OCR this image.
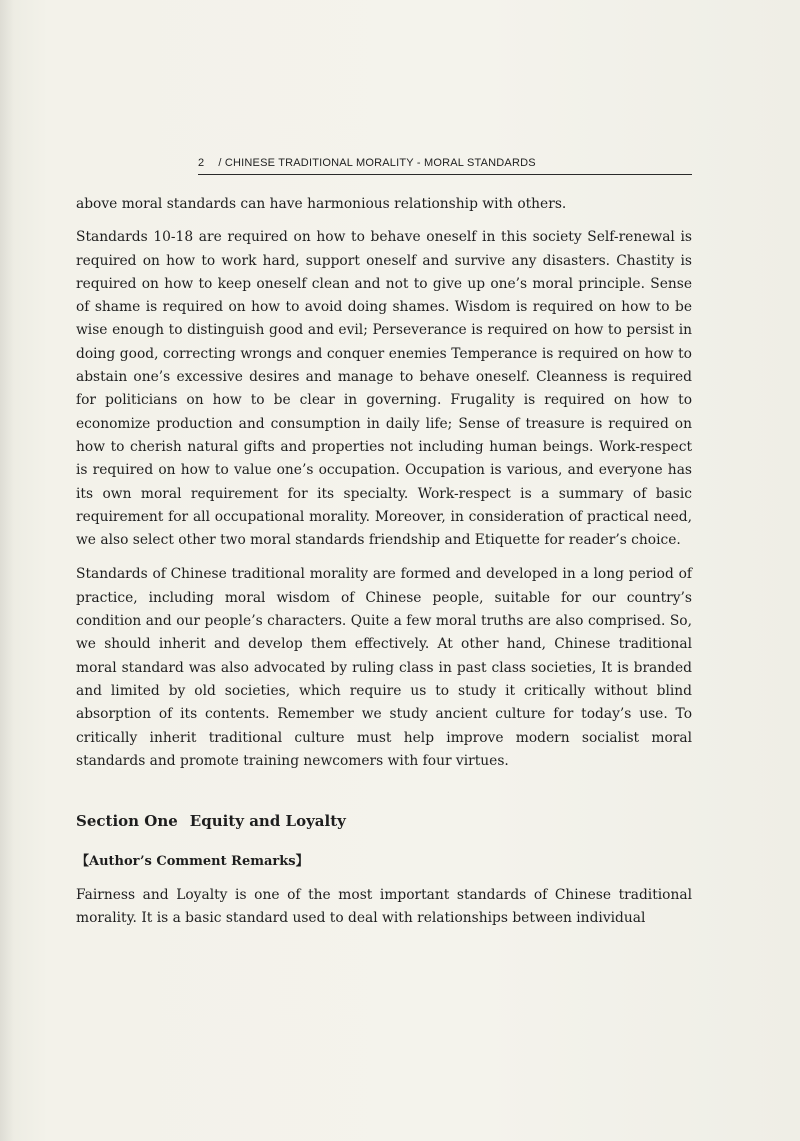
2 / CHINESE TRADITIONAL MORALITY - MORAL STANDARDS

above moral standards can have harmonious relationship with others.

Standards 10-18 are required on how to behave oneself in this society Self-renewal is required on how to work hard, support oneself and survive any disasters. Chastity is required on how to keep oneself clean and not to give up one’s moral principle. Sense of shame is required on how to avoid doing shames. Wisdom is required on how to be wise enough to distinguish good and evil; Perseverance is required on how to persist in doing good, correcting wrongs and conquer enemies Temperance is required on how to abstain one’s excessive desires and manage to behave oneself. Cleanness is required for politicians on how to be clear in governing. Frugality is required on how to economize production and consumption in daily life; Sense of treasure is required on how to cherish natural gifts and properties not including human beings. Work-respect is required on how to value one’s occupation. Occupation is various, and everyone has its own moral requirement for its specialty. Work-respect is a summary of basic requirement for all occupational morality. Moreover, in consideration of practical need, we also select other two moral standards friendship and Etiquette for reader’s choice.

Standards of Chinese traditional morality are formed and developed in a long period of practice, including moral wisdom of Chinese people, suitable for our country’s condition and our people’s characters. Quite a few moral truths are also comprised. So, we should inherit and develop them effectively. At other hand, Chinese traditional moral standard was also advocated by ruling class in past class societies, It is branded and limited by old societies, which require us to study it critically without blind absorption of its contents. Remember we study ancient culture for today’s use. To critically inherit traditional culture must help improve modern socialist moral standards and promote training newcomers with four virtues.

Section One Equity and Loyalty
【Author’s Comment Remarks】

Fairness and Loyalty is one of the most important standards of Chinese traditional morality. It is a basic standard used to deal with relationships between individual
